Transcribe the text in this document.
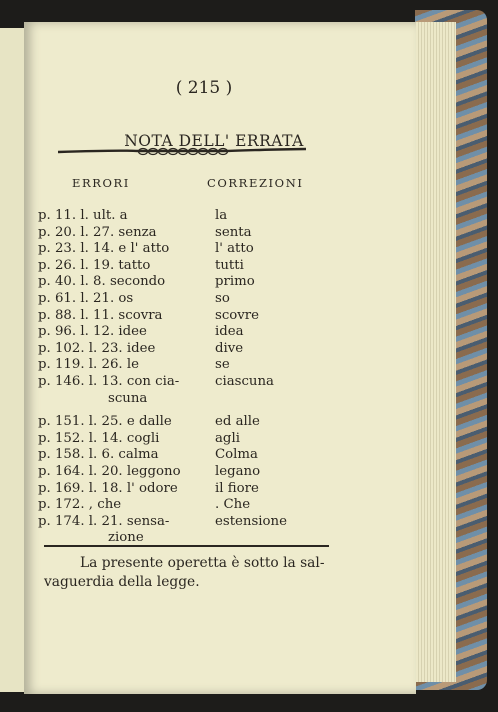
( 215 )
NOTA DELL' ERRATA
ERRORI	CORREZIONI
p. 11. l. ult. a	la
p. 20. l. 27. senza	senta
p. 23. l. 14. e l' atto	l' atto
p. 26. l. 19. tatto	tutti
p. 40. l. 8. secondo	primo
p. 61. l. 21. os	so
p. 88. l. 11. scovra	scovre
p. 96. l. 12. idee	idea
p. 102. l. 23. idee	dive
p. 119. l. 26. le	se
p. 146. l. 13. con cia-	ciascuna
scuna
p. 151. l. 25. e dalle	ed alle
p. 152. l. 14. cogli	agli
p. 158. l. 6. calma	Colma
p. 164. l. 20. leggono	legano
p. 169. l. 18. l' odore	il fiore
p. 172. , che	. Che
p. 174. l. 21. sensa-	estensione
zione
La presente operetta è sotto la sal-
vaguerdia della legge.
